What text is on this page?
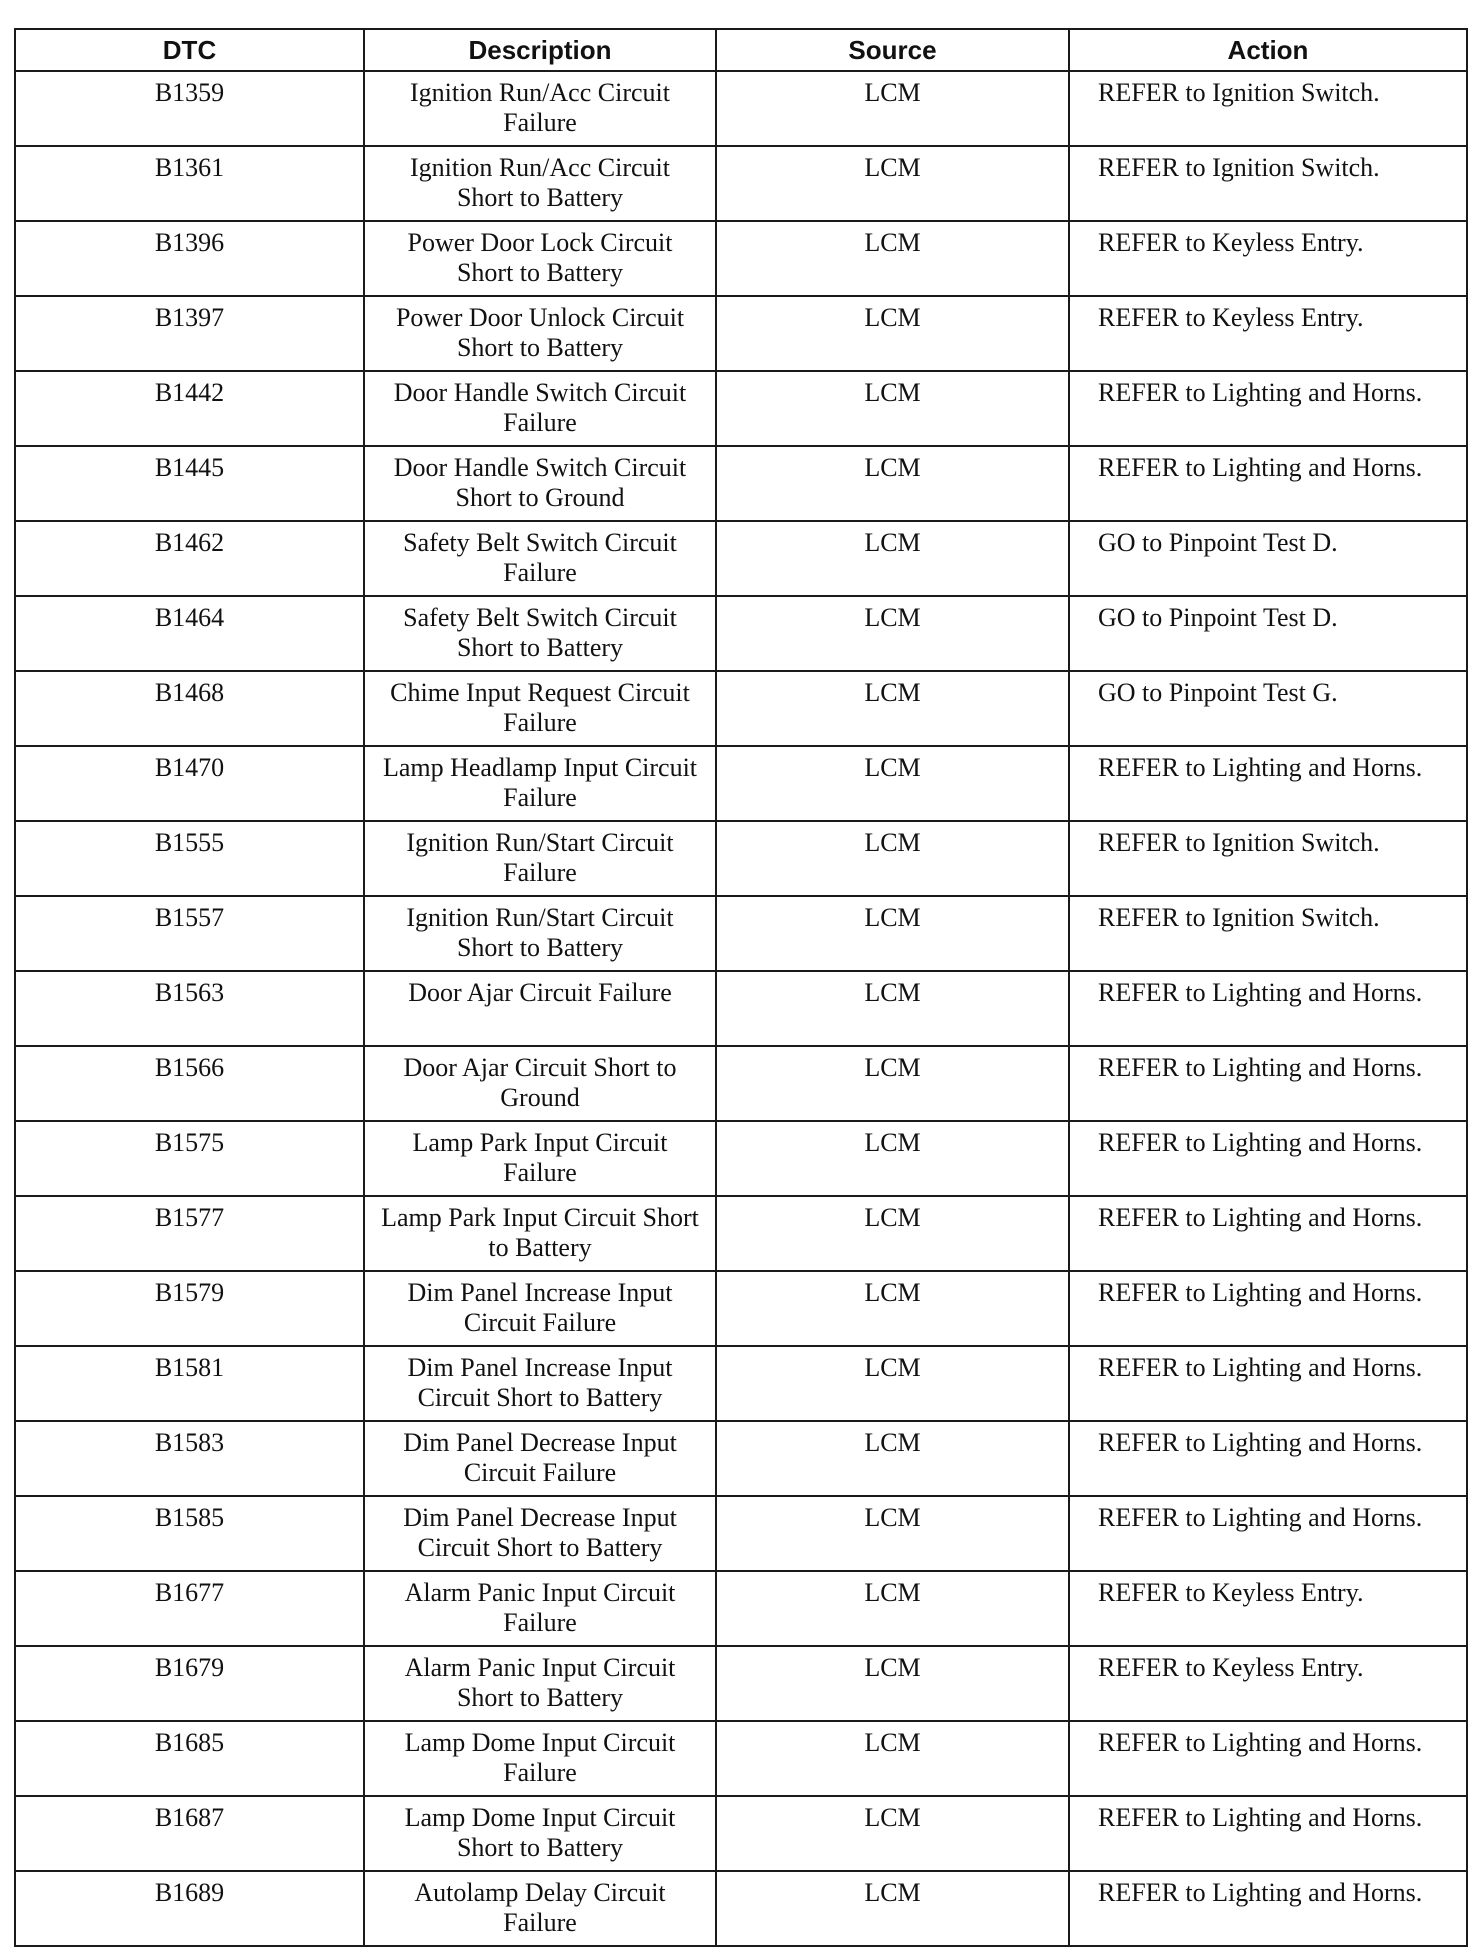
DTC	Description	Source	Action
B1359	Ignition Run/Acc Circuit Failure	LCM	REFER to Ignition Switch.
B1361	Ignition Run/Acc Circuit Short to Battery	LCM	REFER to Ignition Switch.
B1396	Power Door Lock Circuit Short to Battery	LCM	REFER to Keyless Entry.
B1397	Power Door Unlock Circuit Short to Battery	LCM	REFER to Keyless Entry.
B1442	Door Handle Switch Circuit Failure	LCM	REFER to Lighting and Horns.
B1445	Door Handle Switch Circuit Short to Ground	LCM	REFER to Lighting and Horns.
B1462	Safety Belt Switch Circuit Failure	LCM	GO to Pinpoint Test D.
B1464	Safety Belt Switch Circuit Short to Battery	LCM	GO to Pinpoint Test D.
B1468	Chime Input Request Circuit Failure	LCM	GO to Pinpoint Test G.
B1470	Lamp Headlamp Input Circuit Failure	LCM	REFER to Lighting and Horns.
B1555	Ignition Run/Start Circuit Failure	LCM	REFER to Ignition Switch.
B1557	Ignition Run/Start Circuit Short to Battery	LCM	REFER to Ignition Switch.
B1563	Door Ajar Circuit Failure	LCM	REFER to Lighting and Horns.
B1566	Door Ajar Circuit Short to Ground	LCM	REFER to Lighting and Horns.
B1575	Lamp Park Input Circuit Failure	LCM	REFER to Lighting and Horns.
B1577	Lamp Park Input Circuit Short to Battery	LCM	REFER to Lighting and Horns.
B1579	Dim Panel Increase Input Circuit Failure	LCM	REFER to Lighting and Horns.
B1581	Dim Panel Increase Input Circuit Short to Battery	LCM	REFER to Lighting and Horns.
B1583	Dim Panel Decrease Input Circuit Failure	LCM	REFER to Lighting and Horns.
B1585	Dim Panel Decrease Input Circuit Short to Battery	LCM	REFER to Lighting and Horns.
B1677	Alarm Panic Input Circuit Failure	LCM	REFER to Keyless Entry.
B1679	Alarm Panic Input Circuit Short to Battery	LCM	REFER to Keyless Entry.
B1685	Lamp Dome Input Circuit Failure	LCM	REFER to Lighting and Horns.
B1687	Lamp Dome Input Circuit Short to Battery	LCM	REFER to Lighting and Horns.
B1689	Autolamp Delay Circuit Failure	LCM	REFER to Lighting and Horns.
